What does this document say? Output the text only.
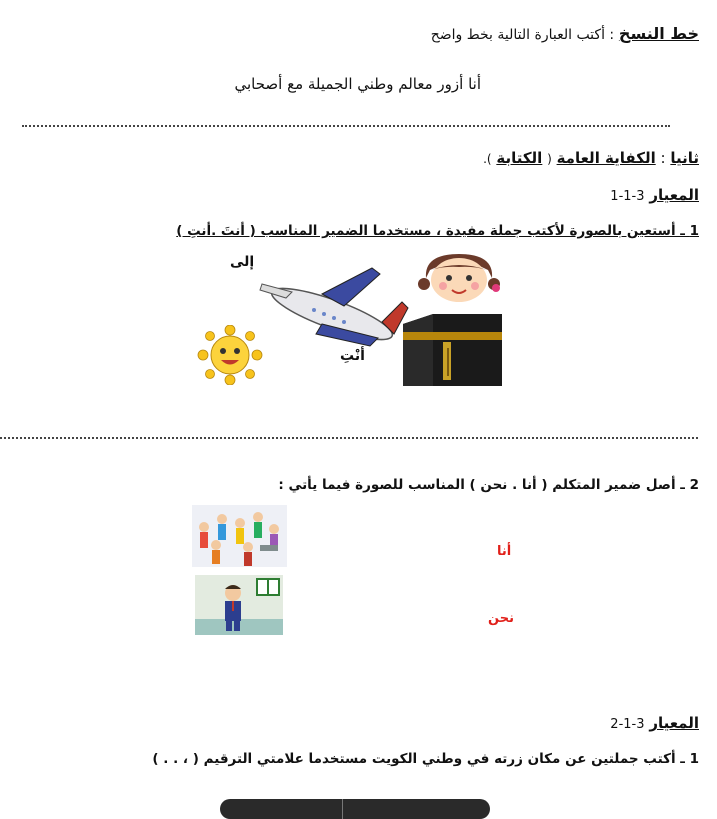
خط النسخ : أكتب العبارة التالية بخط واضح
أنا أزور معالم وطني الجميلة مع أصحابي
ثانيا : الكفاية العامة ( الكتابة ).
المعيار 3-1-1
1 ـ أستعين بالصورة لأكتب جملة مفيدة ، مستخدما الضمير المناسب ( أنتَ .أنتِ )
إلى
أنْتِ
2 ـ أصل ضمير المتكلم ( أنا . نحن ) المناسب للصورة فيما يأتي :
أنا
نحن
المعيار 3-1-2
1 ـ أكتب جملتين عن مكان زرته في وطني الكويت مستخدما علامتي الترقيم ( ، . . )
